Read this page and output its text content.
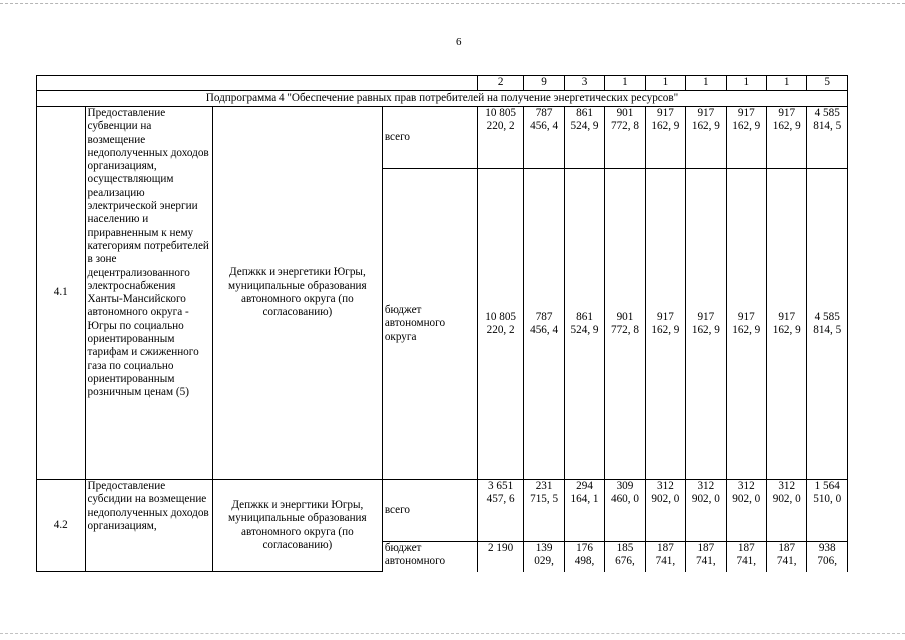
6
				2	9	3	1	1	1	1	1	5
Подпрограмма 4 "Обеспечение равных прав потребителей на получение энергетических ресурсов"												
4.1	Предоставление субвенции на возмещение недополученных доходов организациям, осуществляющим реализацию электрической энергии населению и приравненным к нему категориям потребителей в зоне децентрализованного электроснабжения Ханты-Мансийского автономного округа - Югры по социально ориентированным тарифам и сжиженного газа по социально ориентированным розничным ценам (5)	Депжкк и энергетики Югры, муниципальные образования автономного округа (по согласованию)	всего	10 805 220, 2	787 456, 4	861 524, 9	901 772, 8	917 162, 9	917 162, 9	917 162, 9	917 162, 9	4 585 814, 5
			бюджет автономного округа	10 805 220, 2	787 456, 4	861 524, 9	901 772, 8	917 162, 9	917 162, 9	917 162, 9	917 162, 9	4 585 814, 5
4.2	Предоставление субсидии на возмещение недополученных доходов организациям,	Депжкк и энергтики Югры, муниципальные образования автономного округа (по согласованию)	всего	3 651 457, 6	231 715, 5	294 164, 1	309 460, 0	312 902, 0	312 902, 0	312 902, 0	312 902, 0	1 564 510, 0
			бюджет автономного	2 190	139 029,	176 498,	185 676,	187 741,	187 741,	187 741,	187 741,	938 706,
